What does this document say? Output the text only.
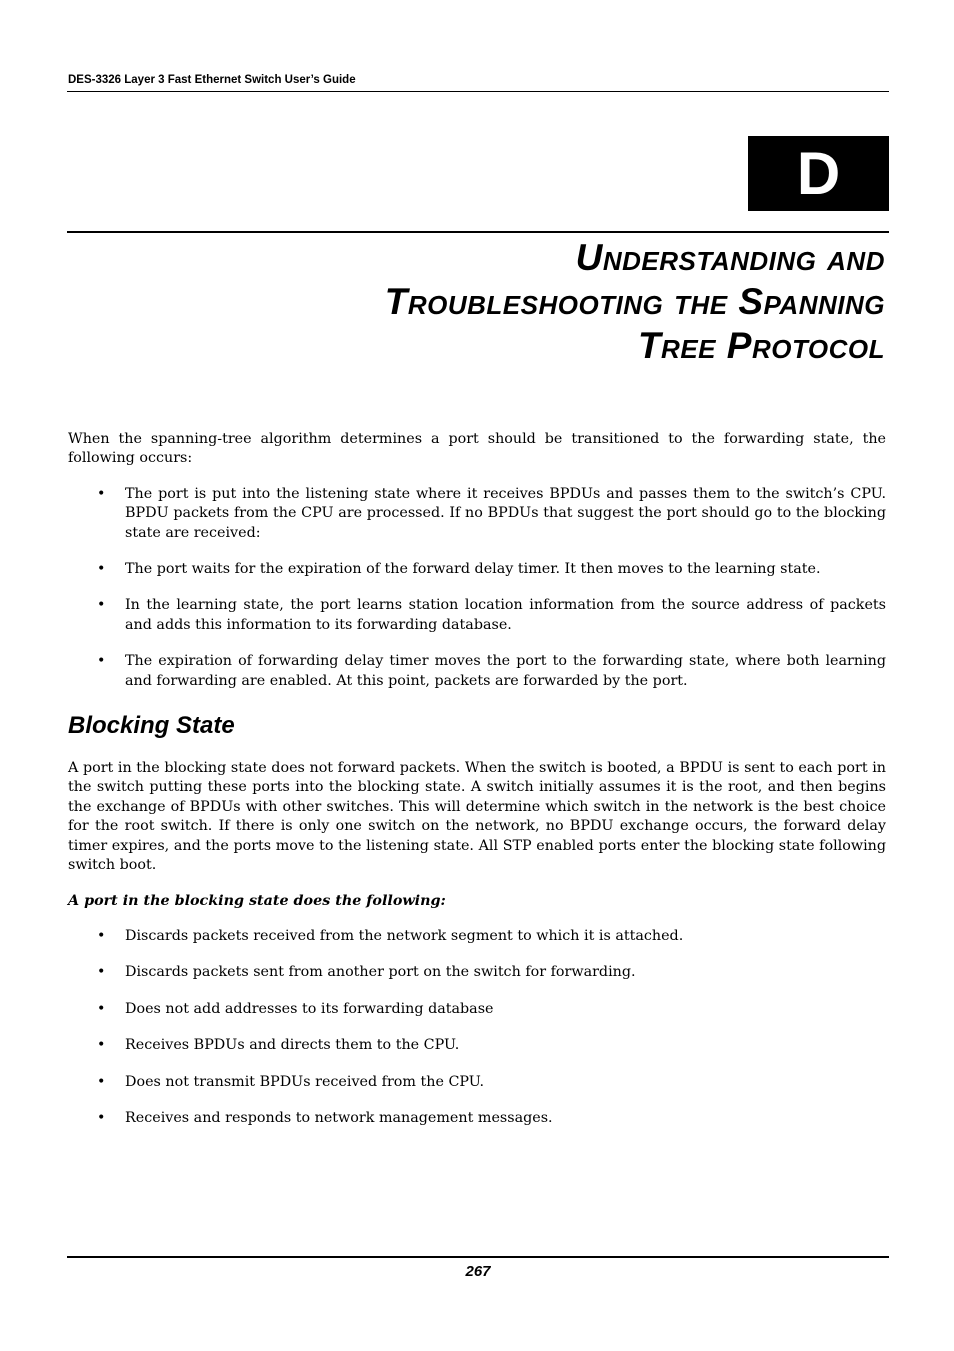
DES-3326 Layer 3 Fast Ethernet Switch User’s Guide
D
Understanding and
Troubleshooting the Spanning
Tree Protocol

When the spanning-tree algorithm determines a port should be transitioned to the forwarding state, the following occurs:

• The port is put into the listening state where it receives BPDUs and passes them to the switch’s CPU. BPDU packets from the CPU are processed. If no BPDUs that suggest the port should go to the blocking state are received:
• The port waits for the expiration of the forward delay timer. It then moves to the learning state.
• In the learning state, the port learns station location information from the source address of packets and adds this information to its forwarding database.
• The expiration of forwarding delay timer moves the port to the forwarding state, where both learning and forwarding are enabled. At this point, packets are forwarded by the port.
Blocking State

A port in the blocking state does not forward packets. When the switch is booted, a BPDU is sent to each port in the switch putting these ports into the blocking state. A switch initially assumes it is the root, and then begins the exchange of BPDUs with other switches. This will determine which switch in the network is the best choice for the root switch. If there is only one switch on the network, no BPDU exchange occurs, the forward delay timer expires, and the ports move to the listening state. All STP enabled ports enter the blocking state following switch boot.

A port in the blocking state does the following:

• Discards packets received from the network segment to which it is attached.
• Discards packets sent from another port on the switch for forwarding.
• Does not add addresses to its forwarding database
• Receives BPDUs and directs them to the CPU.
• Does not transmit BPDUs received from the CPU.
• Receives and responds to network management messages.
267
